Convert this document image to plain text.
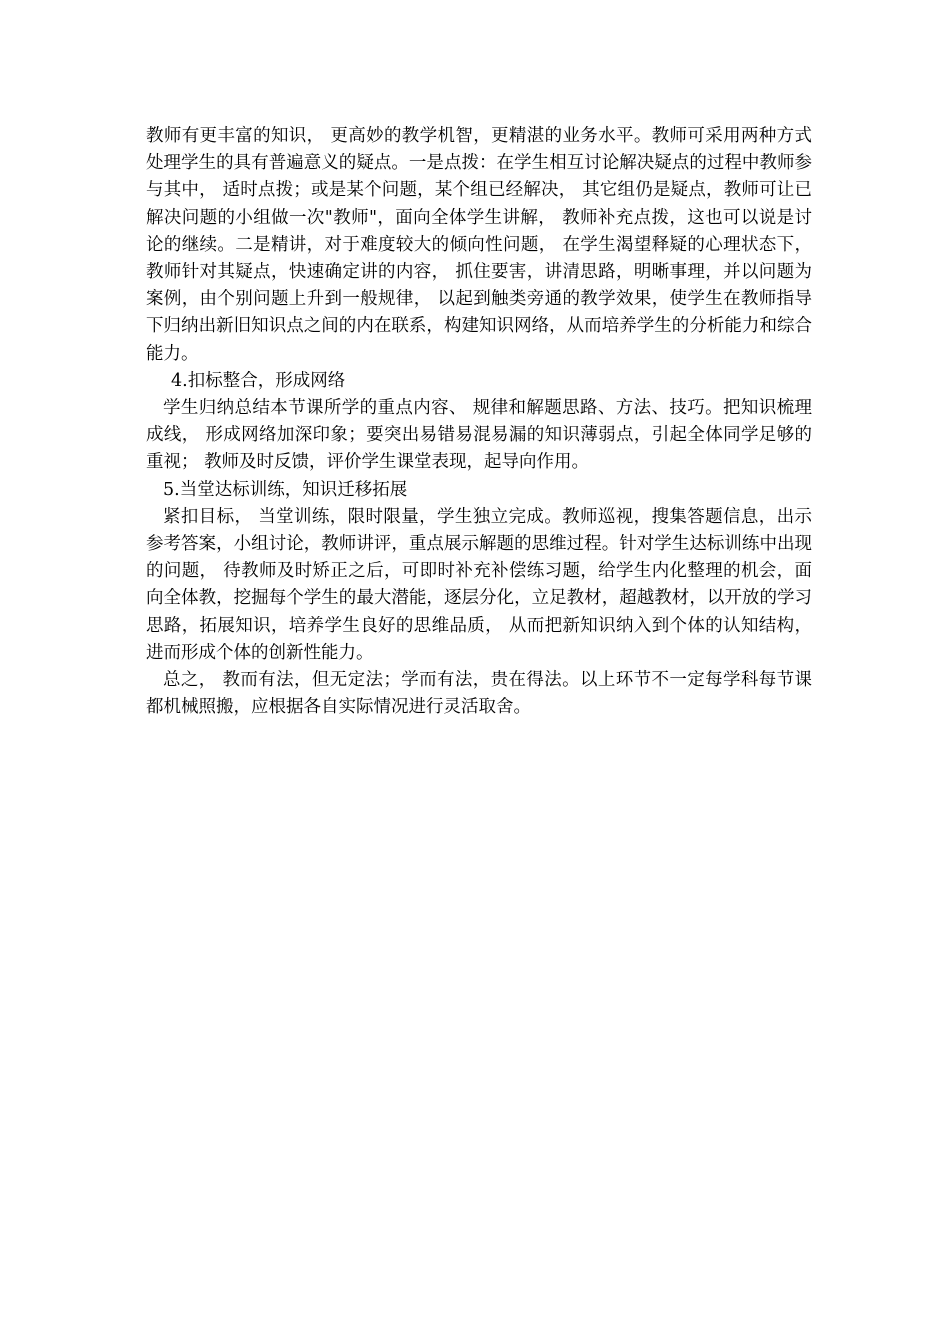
教师有更丰富的知识， 更高妙的教学机智，更精湛的业务水平。教师可采用两种方式处理学生的具有普遍意义的疑点。一是点拨：在学生相互讨论解决疑点的过程中教师参与其中， 适时点拨；或是某个问题，某个组已经解决， 其它组仍是疑点，教师可让已解决问题的小组做一次"教师"，面向全体学生讲解， 教师补充点拨，这也可以说是讨论的继续。二是精讲，对于难度较大的倾向性问题， 在学生渴望释疑的心理状态下，教师针对其疑点，快速确定讲的内容， 抓住要害，讲清思路，明晰事理，并以问题为案例，由个别问题上升到一般规律， 以起到触类旁通的教学效果，使学生在教师指导下归纳出新旧知识点之间的内在联系，构建知识网络，从而培养学生的分析能力和综合能力。

4.扣标整合，形成网络

学生归纳总结本节课所学的重点内容、 规律和解题思路、方法、技巧。把知识梳理成线， 形成网络加深印象；要突出易错易混易漏的知识薄弱点，引起全体同学足够的重视； 教师及时反馈，评价学生课堂表现，起导向作用。

5.当堂达标训练，知识迁移拓展

紧扣目标， 当堂训练，限时限量，学生独立完成。教师巡视，搜集答题信息，出示参考答案，小组讨论，教师讲评，重点展示解题的思维过程。针对学生达标训练中出现的问题， 待教师及时矫正之后，可即时补充补偿练习题，给学生内化整理的机会，面向全体教，挖掘每个学生的最大潜能，逐层分化，立足教材，超越教材，以开放的学习思路，拓展知识，培养学生良好的思维品质， 从而把新知识纳入到个体的认知结构，进而形成个体的创新性能力。

总之， 教而有法，但无定法；学而有法，贵在得法。以上环节不一定每学科每节课都机械照搬，应根据各自实际情况进行灵活取舍。
